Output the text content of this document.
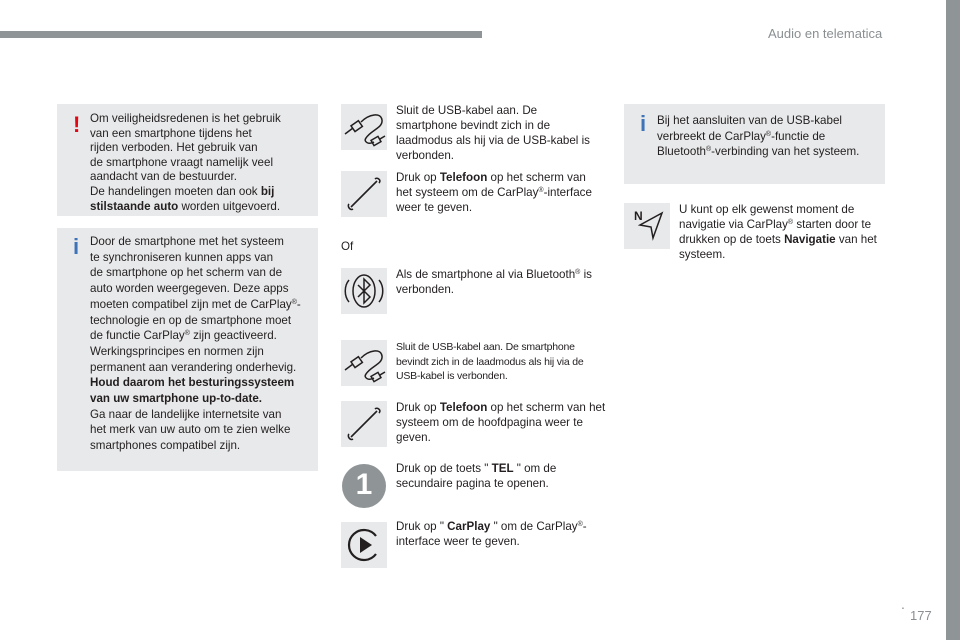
Audio en telematica
! Om veiligheidsredenen is het gebruik

van een smartphone tijdens het

rijden verboden. Het gebruik van

de smartphone vraagt namelijk veel

aandacht van de bestuurder.

De handelingen moeten dan ook bij

stilstaande auto worden uitgevoerd.

i Door de smartphone met het systeem

te synchroniseren kunnen apps van

de smartphone op het scherm van de

auto worden weergegeven. Deze apps

moeten compatibel zijn met de CarPlay®-

technologie en op de smartphone moet

de functie CarPlay® zijn geactiveerd.

Werkingsprincipes en normen zijn

permanent aan verandering onderhevig.

Houd daarom het besturingssysteem

van uw smartphone up-to-date.

Ga naar de landelijke internetsite van

het merk van uw auto om te zien welke

smartphones compatibel zijn.

Sluit de USB-kabel aan. De smartphone bevindt zich in de laadmodus als hij via de USB-kabel is verbonden.
Druk op Telefoon op het scherm van het systeem om de CarPlay®-interface weer te geven.
Of
Als de smartphone al via Bluetooth® is verbonden.
Sluit de USB-kabel aan. De smartphone bevindt zich in de laadmodus als hij via de USB-kabel is verbonden.
Druk op Telefoon op het scherm van het systeem om de hoofdpagina weer te geven.
1	Druk op de toets " TEL " om de secundaire pagina te openen.
Druk op " CarPlay " om de CarPlay®-interface weer te geven.
i Bij het aansluiten van de USB-kabel verbreekt de CarPlay®-functie de Bluetooth®-verbinding van het systeem.
N	U kunt op elk gewenst moment de navigatie via CarPlay® starten door te drukken op de toets Navigatie van het systeem.
.
177
